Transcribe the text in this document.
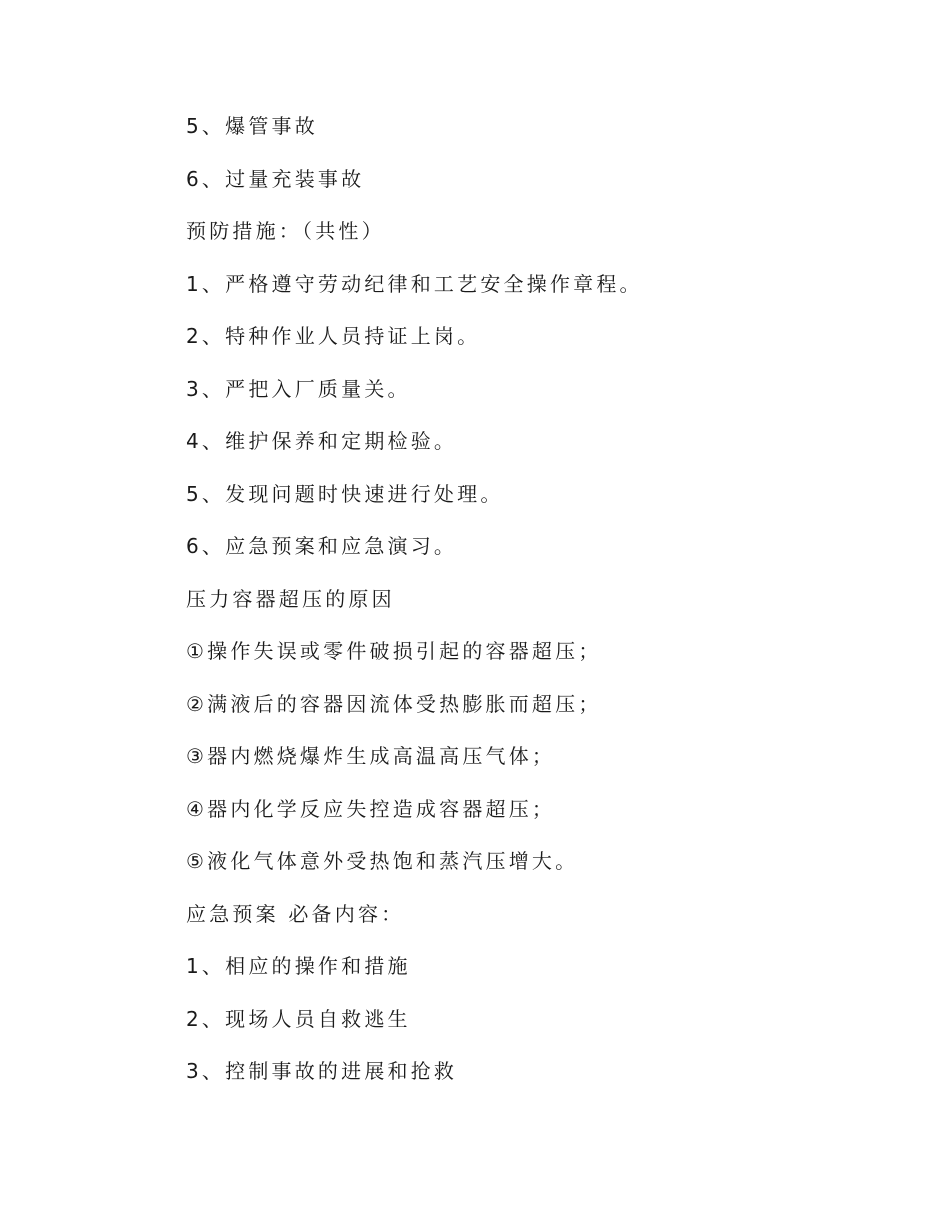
5、爆管事故

6、过量充装事故

预防措施：（共性）

1、严格遵守劳动纪律和工艺安全操作章程。

2、特种作业人员持证上岗。

3、严把入厂质量关。

4、维护保养和定期检验。

5、发现问题时快速进行处理。

6、应急预案和应急演习。

压力容器超压的原因

①操作失误或零件破损引起的容器超压；

②满液后的容器因流体受热膨胀而超压；

③器内燃烧爆炸生成高温高压气体；

④器内化学反应失控造成容器超压；

⑤液化气体意外受热饱和蒸汽压增大。

应急预案 必备内容：

1、相应的操作和措施

2、现场人员自救逃生

3、控制事故的进展和抢救
